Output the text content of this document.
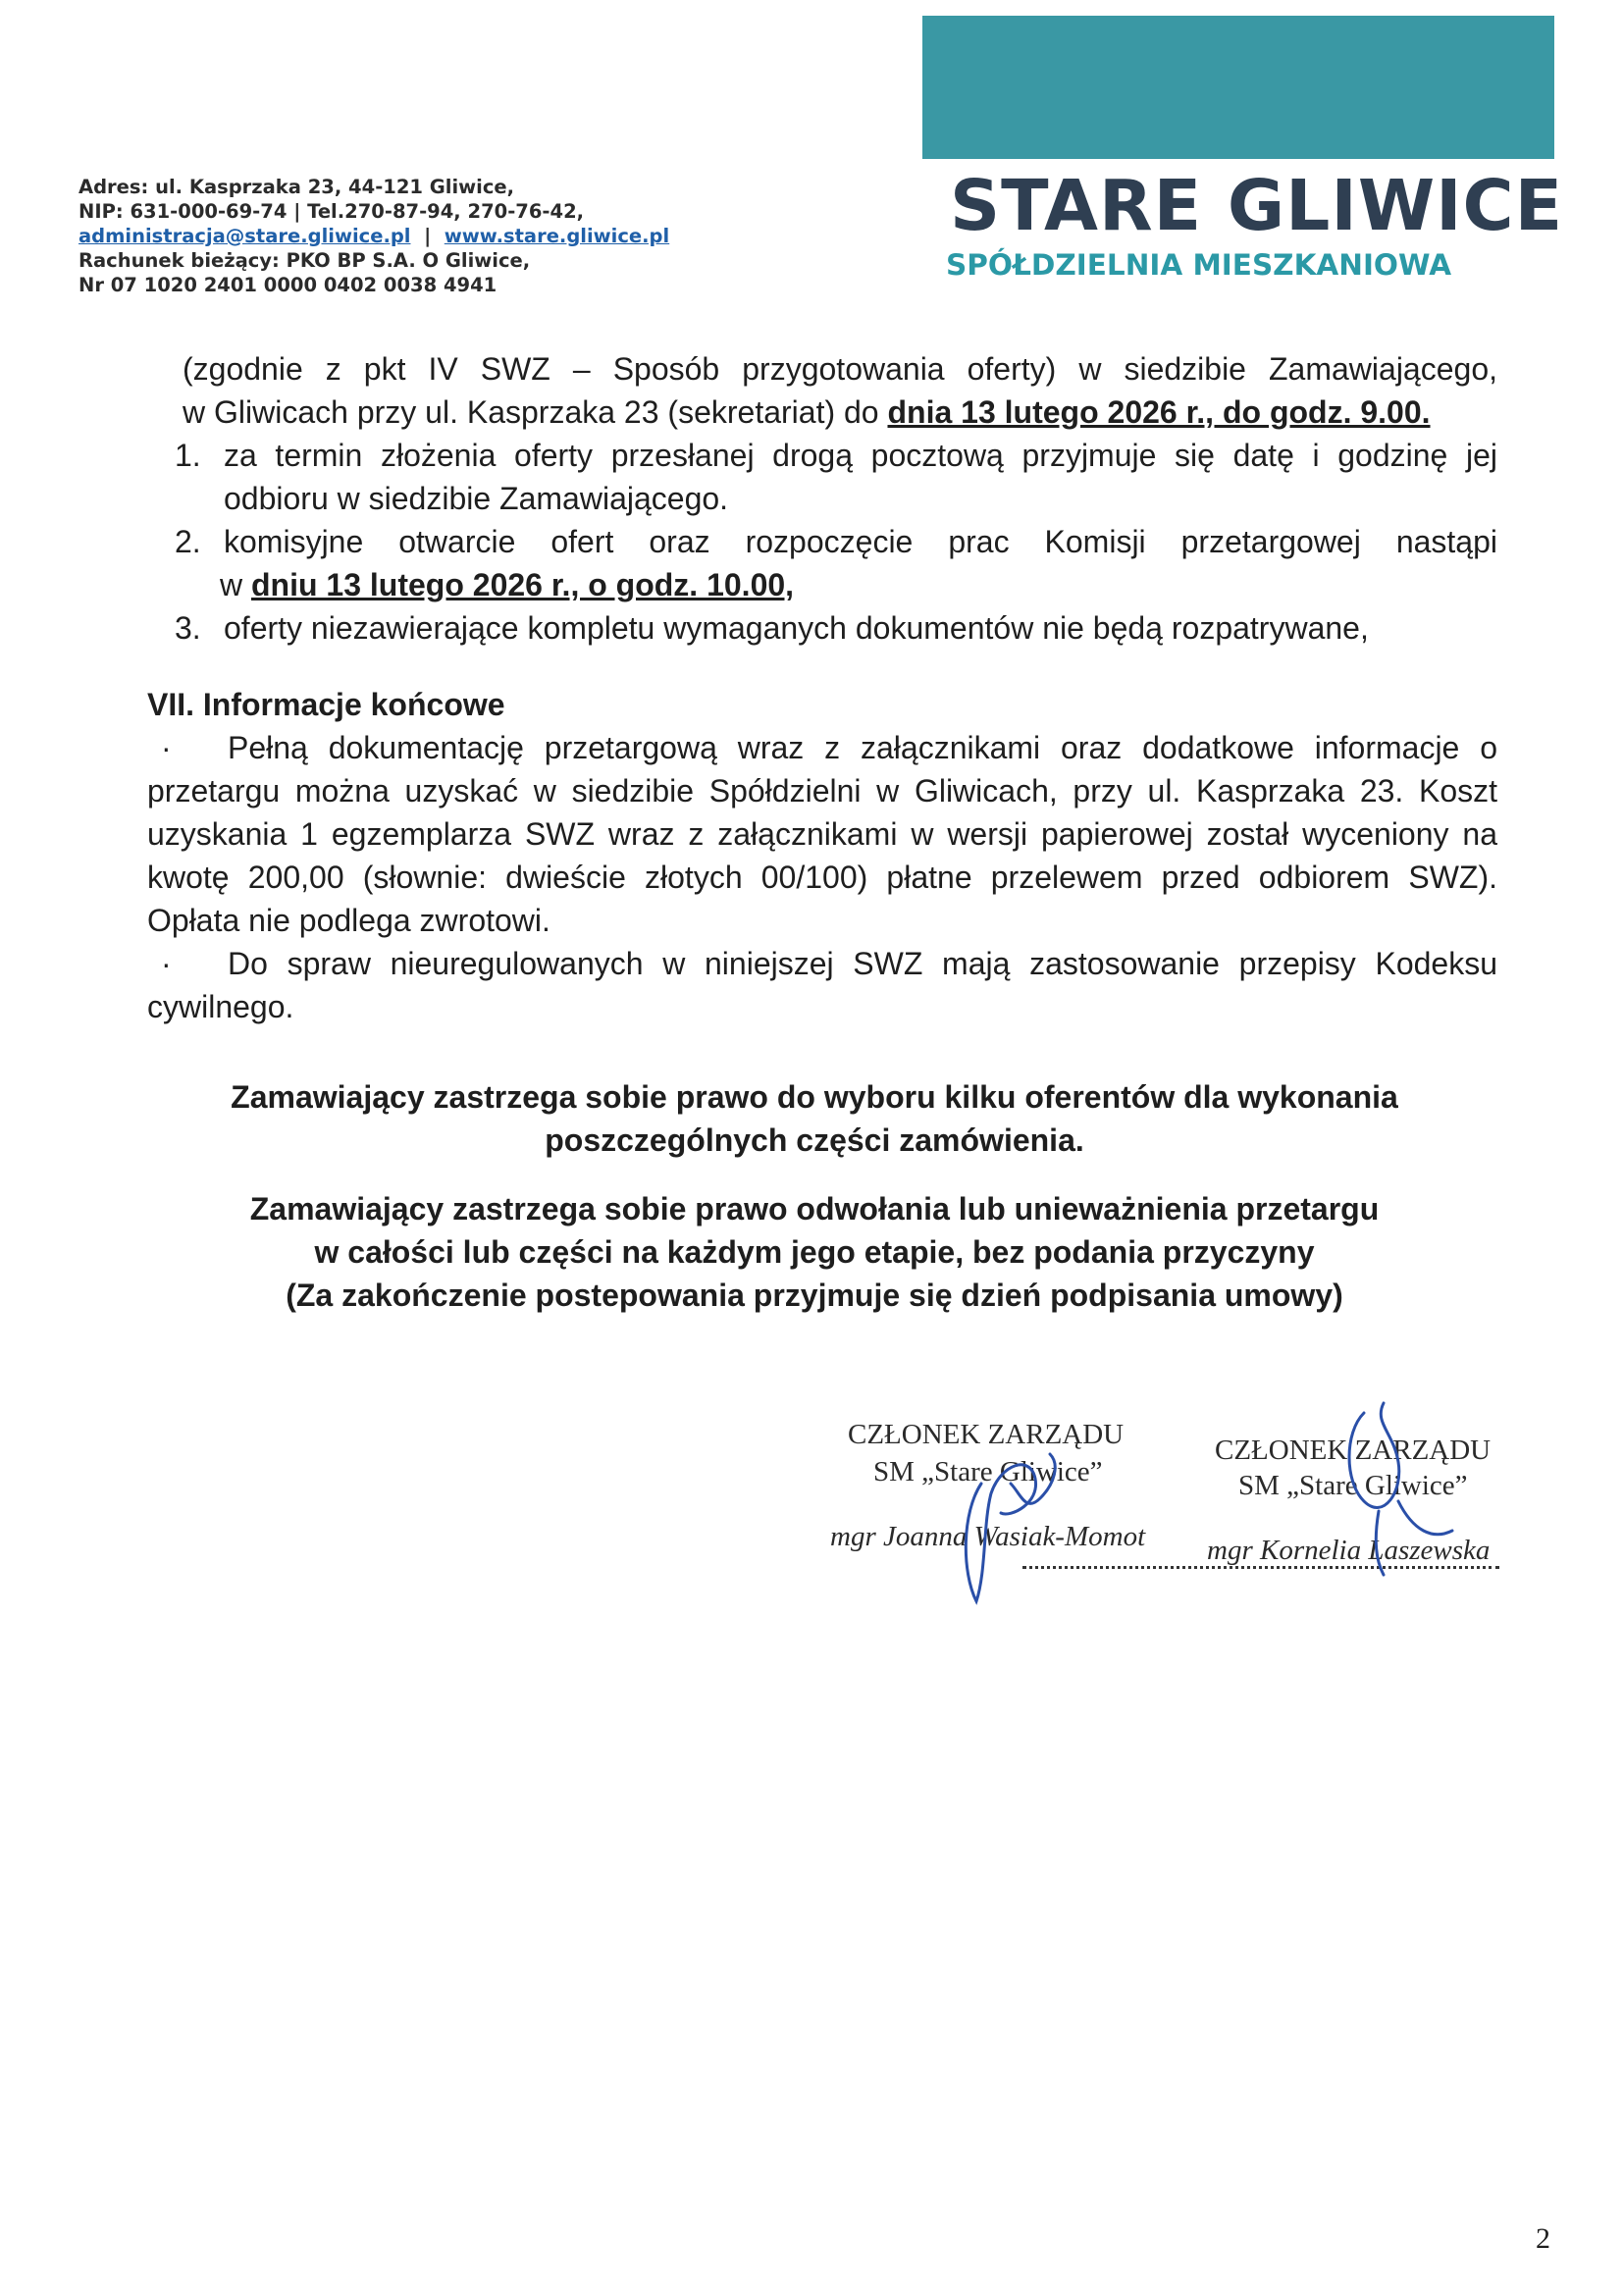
Adres: ul. Kasprzaka 23, 44-121 Gliwice,
NIP: 631-000-69-74 | Tel.270-87-94, 270-76-42,
administracja@stare.gliwice.pl | www.stare.gliwice.pl
Rachunek bieżący: PKO BP S.A. O Gliwice,
Nr 07 1020 2401 0000 0402 0038 4941
STARE GLIWICE
SPÓŁDZIELNIA MIESZKANIOWA
(zgodnie z pkt IV SWZ – Sposób przygotowania oferty) w siedzibie Zamawiającego,
w Gliwicach przy ul. Kasprzaka 23 (sekretariat) do dnia 13 lutego 2026 r., do godz. 9.00.
1. za termin złożenia oferty przesłanej drogą pocztową przyjmuje się datę i godzinę jej
odbioru w siedzibie Zamawiającego.
2. komisyjne otwarcie ofert oraz rozpoczęcie prac Komisji przetargowej nastąpi
w dniu 13 lutego 2026 r., o godz. 10.00,
3. oferty niezawierające kompletu wymaganych dokumentów nie będą rozpatrywane,
VII. Informacje końcowe
· Pełną dokumentację przetargową wraz z załącznikami oraz dodatkowe informacje o
przetargu można uzyskać w siedzibie Spółdzielni w Gliwicach, przy ul. Kasprzaka 23. Koszt
uzyskania 1 egzemplarza SWZ wraz z załącznikami w wersji papierowej został wyceniony na
kwotę 200,00 (słownie: dwieście złotych 00/100) płatne przelewem przed odbiorem SWZ).
Opłata nie podlega zwrotowi.
· Do spraw nieuregulowanych w niniejszej SWZ mają zastosowanie przepisy Kodeksu
cywilnego.
Zamawiający zastrzega sobie prawo do wyboru kilku oferentów dla wykonania
poszczególnych części zamówienia.
Zamawiający zastrzega sobie prawo odwołania lub unieważnienia przetargu
w całości lub części na każdym jego etapie, bez podania przyczyny
(Za zakończenie postepowania przyjmuje się dzień podpisania umowy)
CZŁONEK ZARZĄDU
SM „Stare Gliwice”
mgr Joanna Wasiak-Momot
CZŁONEK ZARZĄDU
SM „Stare Gliwice”
mgr Kornelia Laszewska
2
